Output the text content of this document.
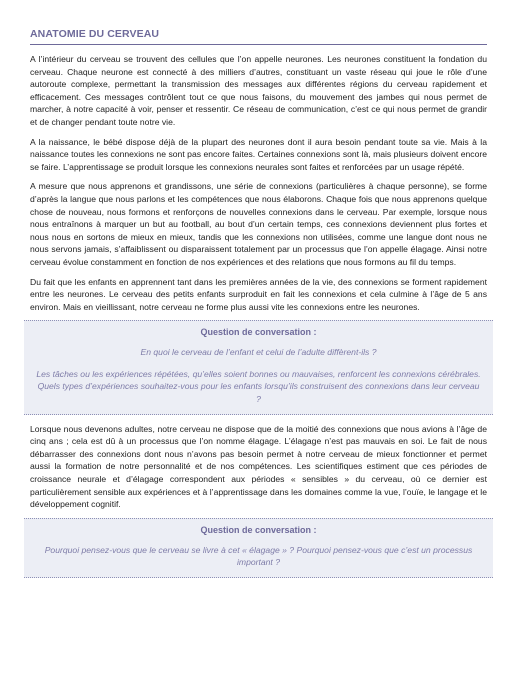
ANATOMIE DU CERVEAU

A l’intérieur du cerveau se trouvent des cellules que l’on appelle neurones. Les neurones constituent la fondation du cerveau. Chaque neurone est connecté à des milliers d’autres, constituant un vaste réseau qui joue le rôle d’une autoroute complexe, permettant la transmission des messages aux différentes régions du cerveau rapidement et efficacement. Ces messages contrôlent tout ce que nous faisons, du mouvement des jambes qui nous permet de marcher, à notre capacité à voir, penser et ressentir. Ce réseau de communication, c’est ce qui nous permet de grandir et de changer pendant toute notre vie.

A la naissance, le bébé dispose déjà de la plupart des neurones dont il aura besoin pendant toute sa vie. Mais à la naissance toutes les connexions ne sont pas encore faites. Certaines connexions sont là, mais plusieurs doivent encore se faire. L’apprentissage se produit lorsque les connexions neurales sont faites et renforcées par un usage répété.

A mesure que nous apprenons et grandissons, une série de connexions (particulières à chaque personne), se forme d’après la langue que nous parlons et les compétences que nous élaborons. Chaque fois que nous apprenons quelque chose de nouveau, nous formons et renforçons de nouvelles connexions dans le cerveau. Par exemple, lorsque nous nous entraînons à marquer un but au football, au bout d’un certain temps, ces connexions deviennent plus fortes et nous nous en sortons de mieux en mieux, tandis que les connexions non utilisées, comme une langue dont nous ne nous servons jamais, s’affaiblissent ou disparaissent totalement par un processus que l’on appelle élagage. Ainsi notre cerveau évolue constamment en fonction de nos expériences et des relations que nous formons au fil du temps.

Du fait que les enfants en apprennent tant dans les premières années de la vie, des connexions se forment rapidement entre les neurones. Le cerveau des petits enfants surproduit en fait les connexions et cela culmine à l’âge de 5 ans environ. Mais en vieillissant, notre cerveau ne forme plus aussi vite les connexions entre les neurones.

Question de conversation :

En quoi le cerveau de l’enfant et celui de l’adulte diffèrent-ils ?

Les tâches ou les expériences répétées, qu’elles soient bonnes ou mauvaises, renforcent les connexions cérébrales. Quels types d’expériences souhaitez-vous pour les enfants lorsqu’ils construisent des connexions dans leur cerveau ?

Lorsque nous devenons adultes, notre cerveau ne dispose que de la moitié des connexions que nous avions à l’âge de cinq ans ; cela est dû à un processus que l’on nomme élagage. L’élagage n’est pas mauvais en soi. Le fait de nous débarrasser des connexions dont nous n’avons pas besoin permet à notre cerveau de mieux fonctionner et permet aussi la formation de notre personnalité et de nos compétences. Les scientifiques estiment que ces périodes de croissance neurale et d’élagage correspondent aux périodes « sensibles » du cerveau, où ce dernier est particulièrement sensible aux expériences et à l’apprentissage dans les domaines comme la vue, l’ouïe, le langage et le développement cognitif.

Question de conversation :

Pourquoi pensez-vous que le cerveau se livre à cet « élagage » ? Pourquoi pensez-vous que c’est un processus important ?
